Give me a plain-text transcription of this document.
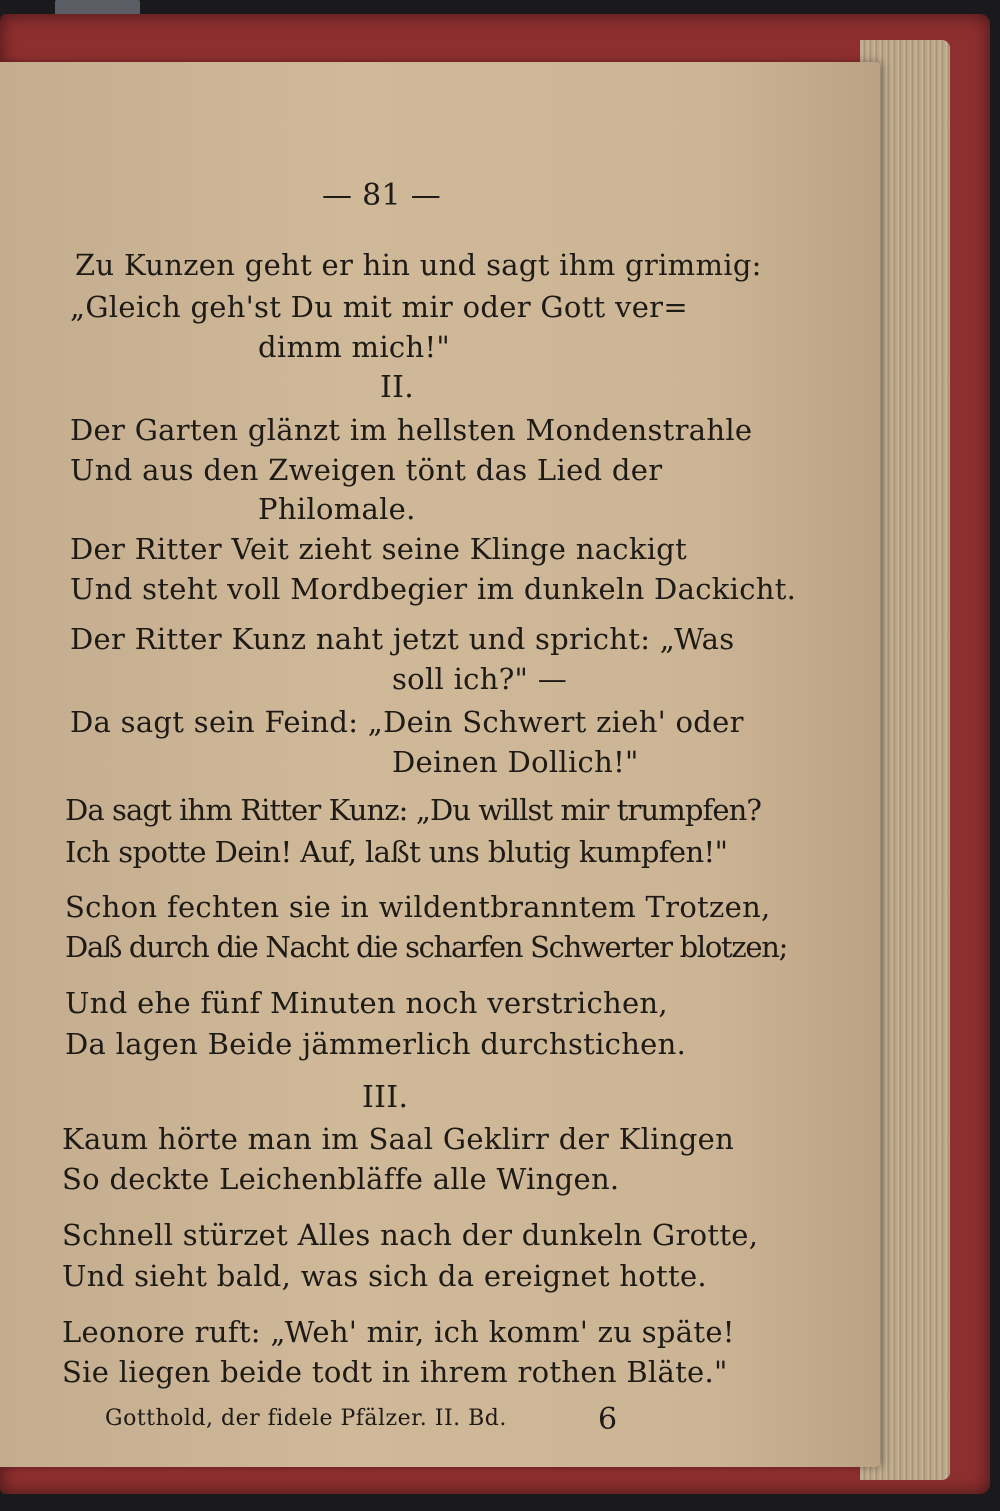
— 81 —
Zu Kunzen geht er hin und sagt ihm grimmig:
„Gleich geh'st Du mit mir oder Gott ver=
dimm mich!"
II.
Der Garten glänzt im hellsten Mondenstrahle
Und aus den Zweigen tönt das Lied der
Philomale.
Der Ritter Veit zieht seine Klinge nackigt
Und steht voll Mordbegier im dunkeln Dackicht.
Der Ritter Kunz naht jetzt und spricht: „Was
soll ich?" —
Da sagt sein Feind: „Dein Schwert zieh' oder
Deinen Dollich!"
Da sagt ihm Ritter Kunz: „Du willst mir trumpfen?
Ich spotte Dein! Auf, laßt uns blutig kumpfen!"
Schon fechten sie in wildentbranntem Trotzen,
Daß durch die Nacht die scharfen Schwerter blotzen;
Und ehe fünf Minuten noch verstrichen,
Da lagen Beide jämmerlich durchstichen.
III.
Kaum hörte man im Saal Geklirr der Klingen
So deckte Leichenbläffe alle Wingen.
Schnell stürzet Alles nach der dunkeln Grotte,
Und sieht bald, was sich da ereignet hotte.
Leonore ruft: „Weh' mir, ich komm' zu späte!
Sie liegen beide todt in ihrem rothen Bläte."
Gotthold, der fidele Pfälzer. II. Bd.	6
